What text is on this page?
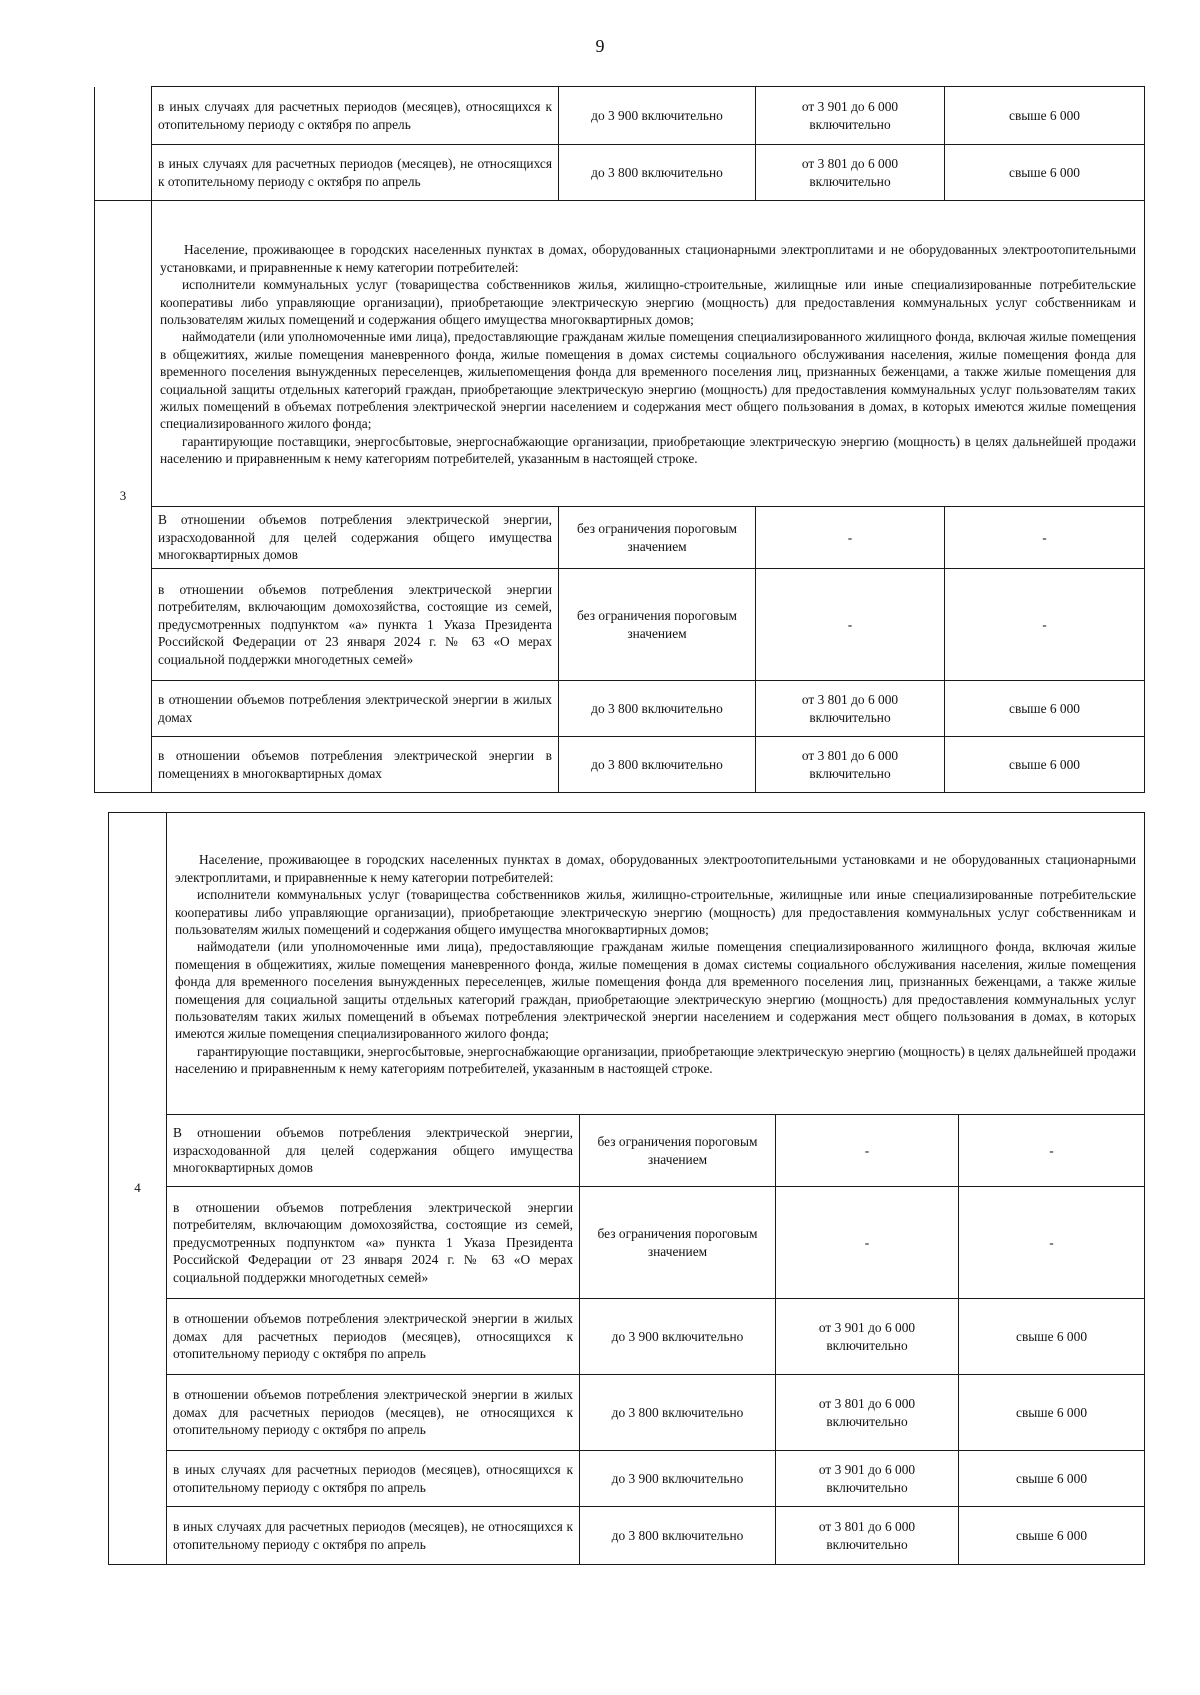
9
	в иных случаях для расчетных периодов (месяцев), относящихся к отопительному периоду с октября по апрель	до 3 900 включительно	от 3 901 до 6 000 включительно	свыше 6 000
	в иных случаях для расчетных периодов (месяцев), не относящихся к отопительному периоду с октября по апрель	до 3 800 включительно	от 3 801 до 6 000 включительно	свыше 6 000
3	Население, проживающее в городских населенных пунктах в домах, оборудованных стационарными электроплитами и не оборудованных электроотопительными установками, и приравненные к нему категории потребителей:

исполнители коммунальных услуг (товарищества собственников жилья, жилищно-строительные, жилищные или иные специализированные потребительские кооперативы либо управляющие организации), приобретающие электрическую энергию (мощность) для предоставления коммунальных услуг собственникам и пользователям жилых помещений и содержания общего имущества многоквартирных домов;

наймодатели (или уполномоченные ими лица), предоставляющие гражданам жилые помещения специализированного жилищного фонда, включая жилые помещения в общежитиях, жилые помещения маневренного фонда, жилые помещения в домах системы социального обслуживания населения, жилые помещения фонда для временного поселения вынужденных переселенцев, жилыепомещения фонда для временного поселения лиц, признанных беженцами, а также жилые помещения для социальной защиты отдельных категорий граждан, приобретающие электрическую энергию (мощность) для предоставления коммунальных услуг пользователям таких жилых помещений в объемах потребления электрической энергии населением и содержания мест общего пользования в домах, в которых имеются жилые помещения специализированного жилого фонда;

гарантирующие поставщики, энергосбытовые, энергоснабжающие организации, приобретающие электрическую энергию (мощность) в целях дальнейшей продажи населению и приравненным к нему категориям потребителей, указанным в настоящей строке.			

	В отношении объемов потребления электрической энергии, израсходованной для целей содержания общего имущества многоквартирных домов	без ограничения пороговым значением	-	-
	в отношении объемов потребления электрической энергии потребителям, включающим домохозяйства, состоящие из семей, предусмотренных подпунктом «а» пункта 1 Указа Президента Российской Федерации от 23 января 2024 г. № 63 «О мерах социальной поддержки многодетных семей»	без ограничения пороговым значением	-	-
	в отношении объемов потребления электрической энергии в жилых домах	до 3 800 включительно	от 3 801 до 6 000 включительно	свыше 6 000
	в отношении объемов потребления электрической энергии в помещениях в многоквартирных домах	до 3 800 включительно	от 3 801 до 6 000 включительно	свыше 6 000
4	Население, проживающее в городских населенных пунктах в домах, оборудованных электроотопительными установками и не оборудованных стационарными электроплитами, и приравненные к нему категории потребителей:

исполнители коммунальных услуг (товарищества собственников жилья, жилищно-строительные, жилищные или иные специализированные потребительские кооперативы либо управляющие организации), приобретающие электрическую энергию (мощность) для предоставления коммунальных услуг собственникам и пользователям жилых помещений и содержания общего имущества многоквартирных домов;

наймодатели (или уполномоченные ими лица), предоставляющие гражданам жилые помещения специализированного жилищного фонда, включая жилые помещения в общежитиях, жилые помещения маневренного фонда, жилые помещения в домах системы социального обслуживания населения, жилые помещения фонда для временного поселения вынужденных переселенцев, жилые помещения фонда для временного поселения лиц, признанных беженцами, а также жилые помещения для социальной защиты отдельных категорий граждан, приобретающие электрическую энергию (мощность) для предоставления коммунальных услуг пользователям таких жилых помещений в объемах потребления электрической энергии населением и содержания мест общего пользования в домах, в которых имеются жилые помещения специализированного жилого фонда;

гарантирующие поставщики, энергосбытовые, энергоснабжающие организации, приобретающие электрическую энергию (мощность) в целях дальнейшей продажи населению и приравненным к нему категориям потребителей, указанным в настоящей строке.			

	В отношении объемов потребления электрической энергии, израсходованной для целей содержания общего имущества многоквартирных домов	без ограничения пороговым значением	-	-
	в отношении объемов потребления электрической энергии потребителям, включающим домохозяйства, состоящие из семей, предусмотренных подпунктом «а» пункта 1 Указа Президента Российской Федерации от 23 января 2024 г. № 63 «О мерах социальной поддержки многодетных семей»	без ограничения пороговым значением	-	-
	в отношении объемов потребления электрической энергии в жилых домах для расчетных периодов (месяцев), относящихся к отопительному периоду с октября по апрель	до 3 900 включительно	от 3 901 до 6 000 включительно	свыше 6 000
	в отношении объемов потребления электрической энергии в жилых домах для расчетных периодов (месяцев), не относящихся к отопительному периоду с октября по апрель	до 3 800 включительно	от 3 801 до 6 000 включительно	свыше 6 000
	в иных случаях для расчетных периодов (месяцев), относящихся к отопительному периоду с октября по апрель	до 3 900 включительно	от 3 901 до 6 000 включительно	свыше 6 000
	в иных случаях для расчетных периодов (месяцев), не относящихся к отопительному периоду с октября по апрель	до 3 800 включительно	от 3 801 до 6 000 включительно	свыше 6 000
